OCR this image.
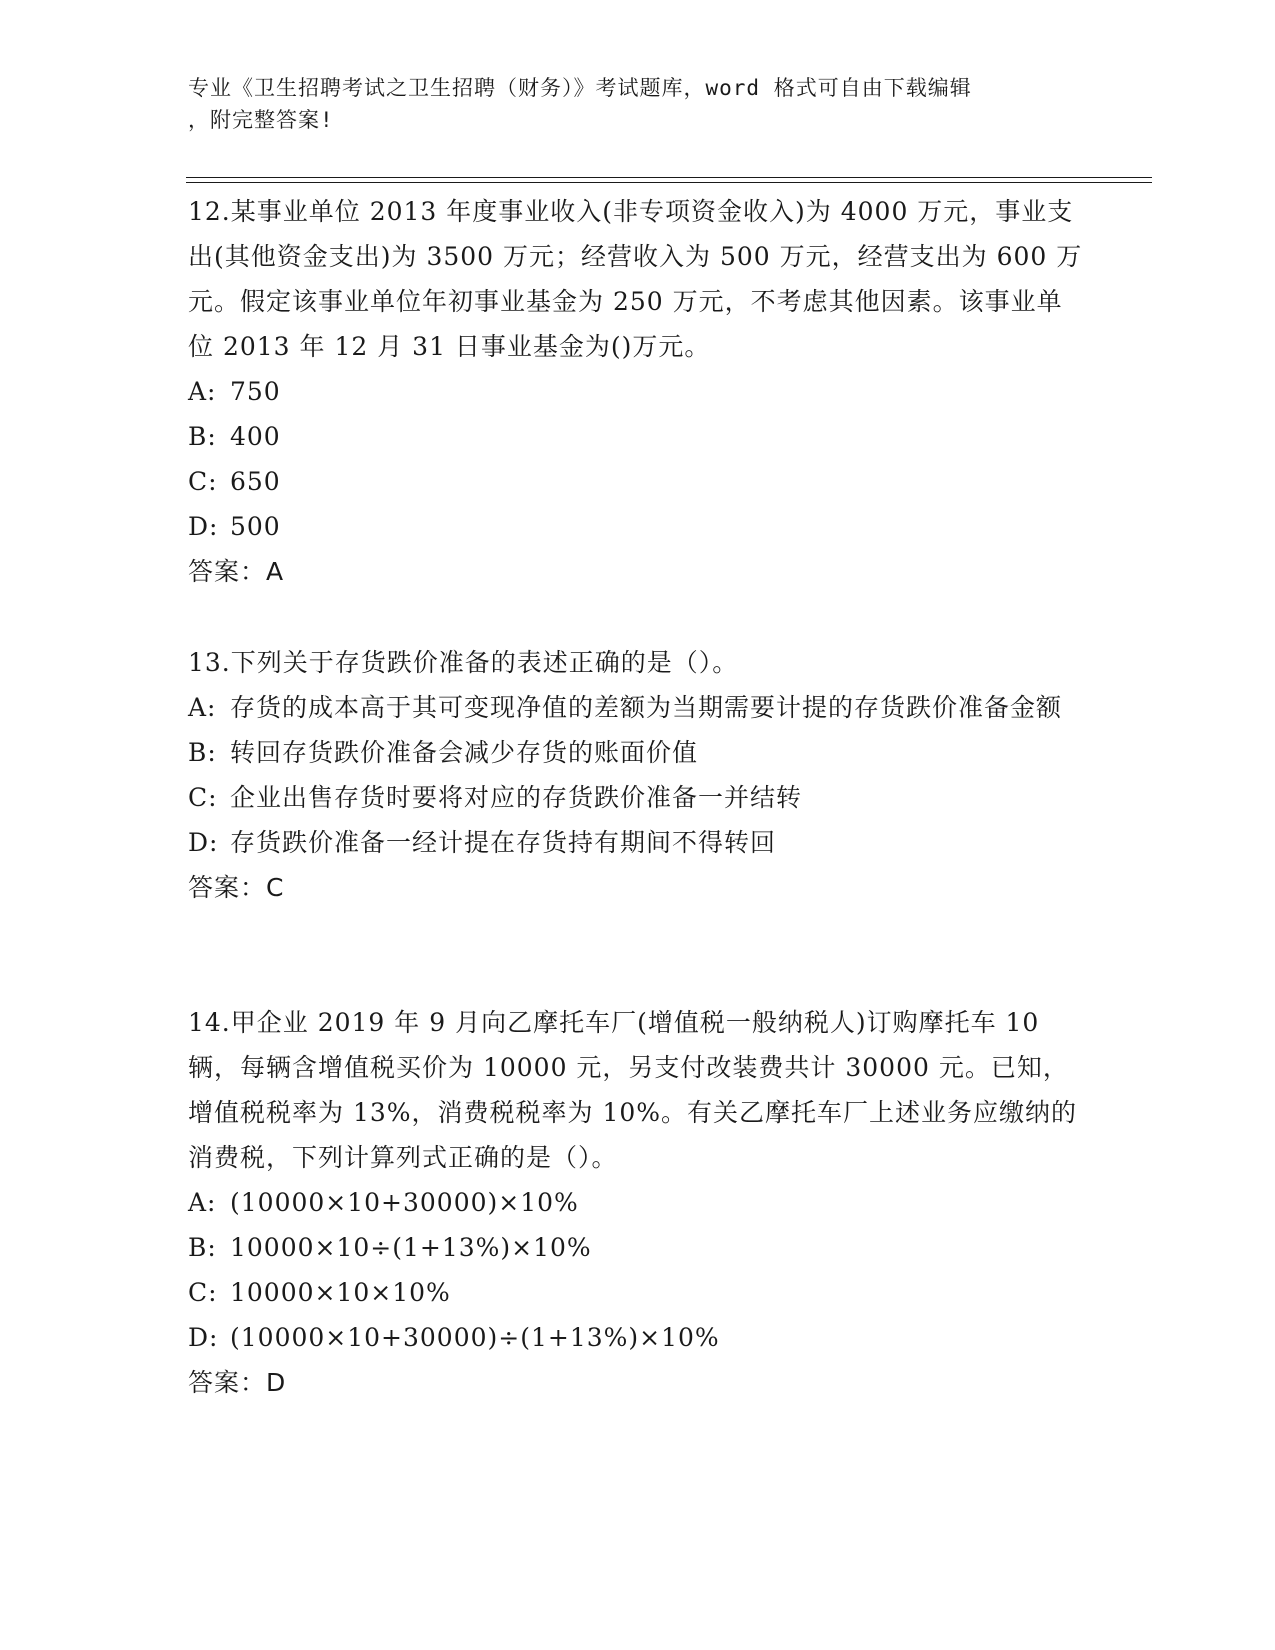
专业《卫生招聘考试之卫生招聘（财务）》考试题库，word 格式可自由下载编辑
，附完整答案!

12.某事业单位 2013 年度事业收入(非专项资金收入)为 4000 万元，事业支出(其他资金支出)为 3500 万元；经营收入为 500 万元，经营支出为 600 万元。假定该事业单位年初事业基金为 250 万元，不考虑其他因素。该事业单位 2013 年 12 月 31 日事业基金为()万元。

A: 750

B: 400

C: 650

D: 500

答案：A

13.下列关于存货跌价准备的表述正确的是（）。

A: 存货的成本高于其可变现净值的差额为当期需要计提的存货跌价准备金额

B: 转回存货跌价准备会减少存货的账面价值

C: 企业出售存货时要将对应的存货跌价准备一并结转

D: 存货跌价准备一经计提在存货持有期间不得转回

答案：C

14.甲企业 2019 年 9 月向乙摩托车厂(增值税一般纳税人)订购摩托车 10 辆，每辆含增值税买价为 10000 元，另支付改装费共计 30000 元。已知，增值税税率为 13%，消费税税率为 10%。有关乙摩托车厂上述业务应缴纳的消费税，下列计算列式正确的是（）。

A: (10000×10+30000)×10%

B: 10000×10÷(1+13%)×10%

C: 10000×10×10%

D: (10000×10+30000)÷(1+13%)×10%

答案：D
